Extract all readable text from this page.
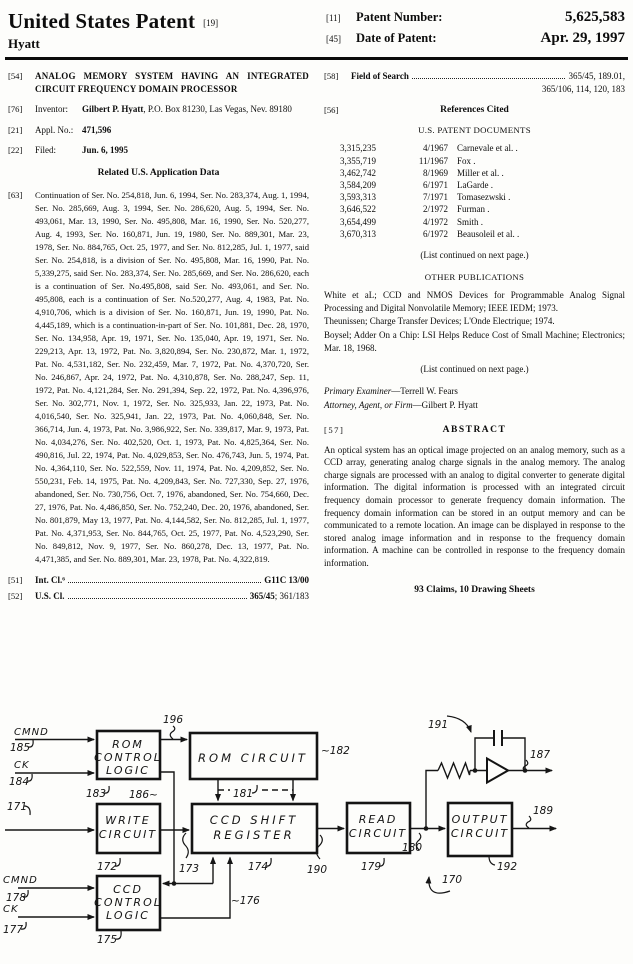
United States Patent [19]
Hyatt
[11]	Patent Number:	5,625,583
[45]	Date of Patent:	Apr. 29, 1997
[54]	ANALOG MEMORY SYSTEM HAVING AN INTEGRATED CIRCUIT FREQUENCY DOMAIN PROCESSOR
[76]	Inventor:	Gilbert P. Hyatt, P.O. Box 81230, Las Vegas, Nev. 89180
[21]	Appl. No.: 471,596
[22]	Filed:	Jun. 6, 1995
Related U.S. Application Data
[63]	Continuation of Ser. No. 254,818, Jun. 6, 1994, Ser. No. 283,374, Aug. 1, 1994, Ser. No. 285,669, Aug. 3, 1994, Ser. No. 286,620, Aug. 5, 1994, Ser. No. 493,061, Mar. 13, 1990, Ser. No. 495,808, Mar. 16, 1990, Ser. No. 520,277, Aug. 4, 1993, Ser. No. 160,871, Jun. 19, 1980, Ser. No. 889,301, Mar. 23, 1978, Ser. No. 884,765, Oct. 25, 1977, and Ser. No. 812,285, Jul. 1, 1977, said Ser. No. 254,818, is a division of Ser. No. 495,808, Mar. 16, 1990, Pat. No. 5,339,275, said Ser. No. 283,374, Ser. No. 285,669, and Ser. No. 286,620, each is a continuation of Ser. No.495,808, said Ser. No. 493,061, and Ser. No. 495,808, each is a continuation of Ser. No.520,277, Aug. 4, 1983, Pat. No. 4,910,706, which is a division of Ser. No. 160,871, Jun. 19, 1990, Pat. No. 4,445,189, which is a continuation-in-part of Ser. No. 101,881, Dec. 28, 1970, Ser. No. 134,958, Apr. 19, 1971, Ser. No. 135,040, Apr. 19, 1971, Ser. No. 229,213, Apr. 13, 1972, Pat. No. 3,820,894, Ser. No. 230,872, Mar. 1, 1972, Pat. No. 4,531,182, Ser. No. 232,459, Mar. 7, 1972, Pat. No. 4,370,720, Ser. No. 246,867, Apr. 24, 1972, Pat. No. 4,310,878, Ser. No. 288,247, Sep. 11, 1972, Pat. No. 4,121,284, Ser. No. 291,394, Sep. 22, 1972, Pat. No. 4,396,976, Ser. No. 302,771, Nov. 1, 1972, Ser. No. 325,933, Jan. 22, 1973, Pat. No. 4,016,540, Ser. No. 325,941, Jan. 22, 1973, Pat. No. 4,060,848, Ser. No. 366,714, Jun. 4, 1973, Pat. No. 3,986,922, Ser. No. 339,817, Mar. 9, 1973, Pat. No. 4,034,276, Ser. No. 402,520, Oct. 1, 1973, Pat. No. 4,825,364, Ser. No. 490,816, Jul. 22, 1974, Pat. No. 4,029,853, Ser. No. 476,743, Jun. 5, 1974, Pat. No. 4,364,110, Ser. No. 522,559, Nov. 11, 1974, Pat. No. 4,209,852, Ser. No. 550,231, Feb. 14, 1975, Pat. No. 4,209,843, Ser. No. 727,330, Sep. 27, 1976, abandoned, Ser. No. 730,756, Oct. 7, 1976, abandoned, Ser. No. 754,660, Dec. 27, 1976, Pat. No. 4,486,850, Ser. No. 752,240, Dec. 20, 1976, abandoned, Ser. No. 801,879, May 13, 1977, Pat. No. 4,144,582, Ser. No. 812,285, Jul. 1, 1977, Pat. No. 4,371,953, Ser. No. 844,765, Oct. 25, 1977, Pat. No. 4,523,290, Ser. No. 849,812, Nov. 9, 1977, Ser. No. 860,278, Dec. 13, 1977, Pat. No. 4,471,385, and Ser. No. 889,301, Mar. 23, 1978, Pat. No. 4,322,819.
[51]	Int. Cl.⁶	G11C 13/00
[52]	U.S. Cl.	365/45; 361/183
[58]	Field of Search	365/45, 189.01,
365/106, 114, 120, 183
[56]	References Cited
U.S. PATENT DOCUMENTS
3,315,235	4/1967	Carnevale et al. .
3,355,719	11/1967	Fox .
3,462,742	8/1969	Miller et al. .
3,584,209	6/1971	LaGarde .
3,593,313	7/1971	Tomasezwski .
3,646,522	2/1972	Furman .
3,654,499	4/1972	Smith .
3,670,313	6/1972	Beausoleil et al. .
(List continued on next page.)
OTHER PUBLICATIONS

White et aL; CCD and NMOS Devices for Programmable Analog Signal Processing and Digital Nonvolatile Memory; IEEE IEDM; 1973.

Theunissen; Charge Transfer Devices; L'Onde Electrique; 1974.

Boysel; Adder On a Chip: LSI Helps Reduce Cost of Small Machine; Electronics; Mar. 18, 1968.

(List continued on next page.)
Primary Examiner—Terrell W. Fears
Attorney, Agent, or Firm—Gilbert P. Hyatt
[57]	ABSTRACT

An optical system has an optical image projected on an analog memory, such as a CCD array, generating analog charge signals in the analog memory. The analog charge signals are processed with an analog to digital converter to generate digital information. The digital information is processed with an integrated circuit frequency domain processor to generate frequency domain information. The frequency domain information can be stored in an output memory and can be communicated to a remote location. An image can be displayed in response to the stored analog image information and in response to the frequency domain information. A machine can be controlled in response to the frequency domain information.

93 Claims, 10 Drawing Sheets
ROM
CONTROL
LOGIC
ROM CIRCUIT
WRITE
CIRCUIT
CCD SHIFT
REGISTER
READ
CIRCUIT
OUTPUT
CIRCUIT
CCD
CONTROL
LOGIC
CMND
CK
CMND
CK
185
184
183
196
186~
~182
181
171
172	173	174	190	179
180
~176
178
177
175
191
187
189
192
170
